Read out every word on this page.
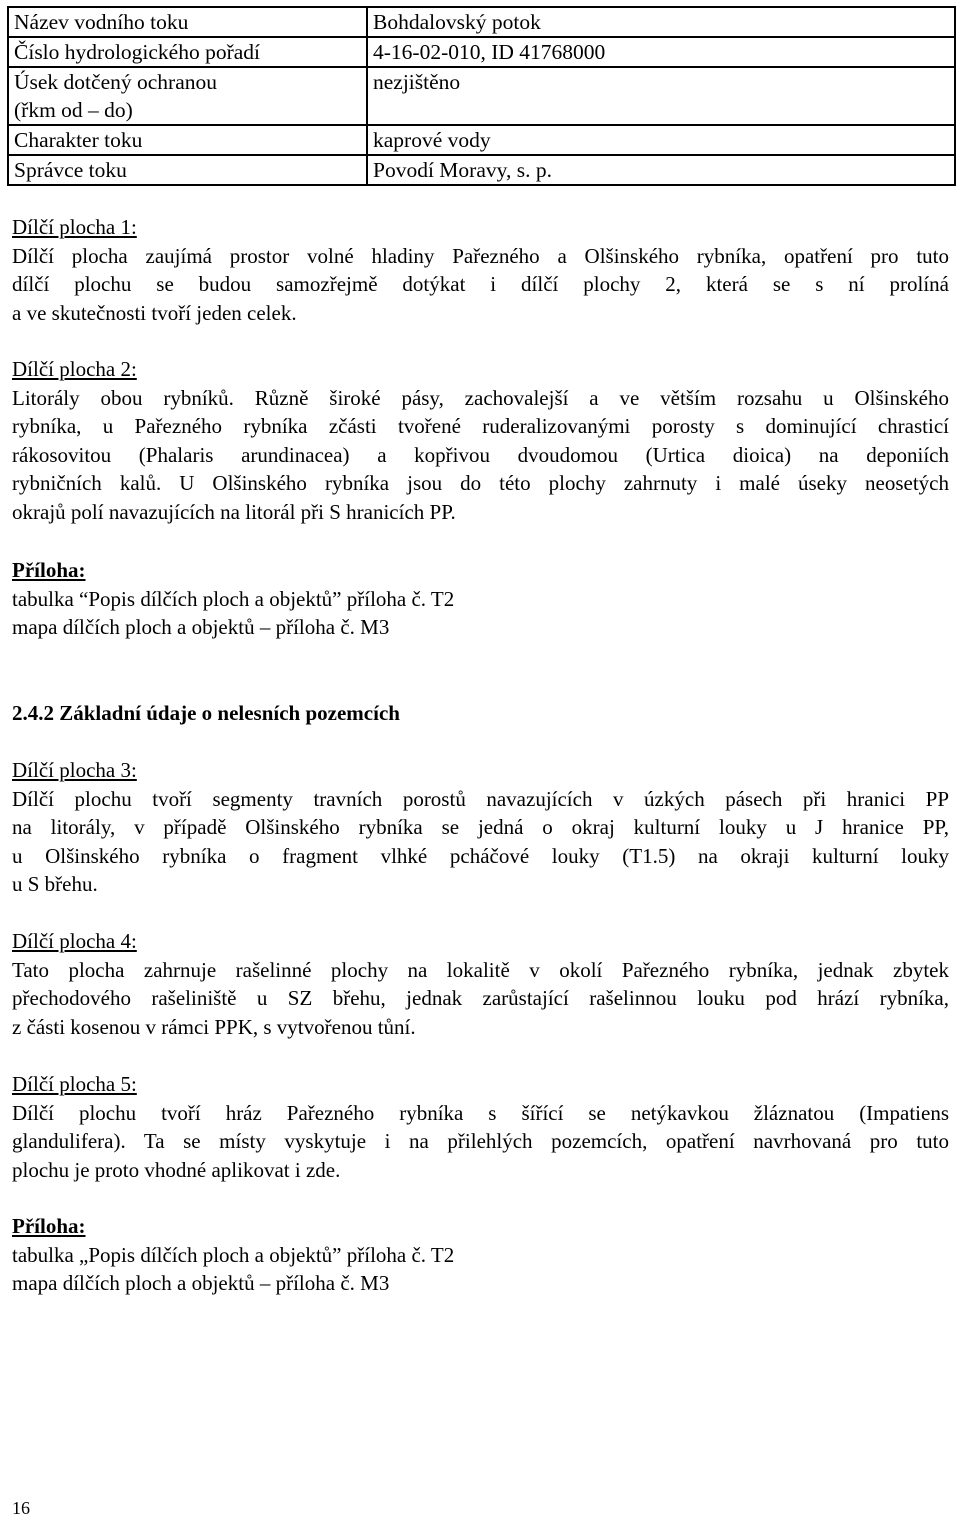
Název vodního toku	Bohdalovský potok
Číslo hydrologického pořadí	4-16-02-010, ID 41768000

Úsek dotčený ochranou
(řkm od – do)	nezjištěno
Charakter toku	kaprové vody
Správce toku	Povodí Moravy, s. p.
Dílčí plocha 1:
Dílčí plocha zaujímá prostor volné hladiny Pařezného a Olšinského rybníka, opatření pro tuto
dílčí plochu se budou samozřejmě dotýkat i dílčí plochy 2, která se s ní prolíná
a ve skutečnosti tvoří jeden celek.
Dílčí plocha 2:
Litorály obou rybníků. Různě široké pásy, zachovalejší a ve větším rozsahu u Olšinského
rybníka, u Pařezného rybníka zčásti tvořené ruderalizovanými porosty s dominující chrasticí
rákosovitou (Phalaris arundinacea) a kopřivou dvoudomou (Urtica dioica) na deponiích
rybničních kalů. U Olšinského rybníka jsou do této plochy zahrnuty i malé úseky neosetých
okrajů polí navazujících na litorál při S hranicích PP.
Příloha:
tabulka “Popis dílčích ploch a objektů” příloha č. T2
mapa dílčích ploch a objektů – příloha č. M3
2.4.2 Základní údaje o nelesních pozemcích
Dílčí plocha 3:
Dílčí plochu tvoří segmenty travních porostů navazujících v úzkých pásech při hranici PP
na litorály, v případě Olšinského rybníka se jedná o okraj kulturní louky u J hranice PP,
u Olšinského rybníka o fragment vlhké pcháčové louky (T1.5) na okraji kulturní louky
u S břehu.
Dílčí plocha 4:
Tato plocha zahrnuje rašelinné plochy na lokalitě v okolí Pařezného rybníka, jednak zbytek
přechodového rašeliniště u SZ břehu, jednak zarůstající rašelinnou louku pod hrází rybníka,
z části kosenou v rámci PPK, s vytvořenou tůní.
Dílčí plocha 5:
Dílčí plochu tvoří hráz Pařezného rybníka s šířící se netýkavkou žláznatou (Impatiens
glandulifera). Ta se místy vyskytuje i na přilehlých pozemcích, opatření navrhovaná pro tuto
plochu je proto vhodné aplikovat i zde.
Příloha:
tabulka „Popis dílčích ploch a objektů” příloha č. T2
mapa dílčích ploch a objektů – příloha č. M3
16
